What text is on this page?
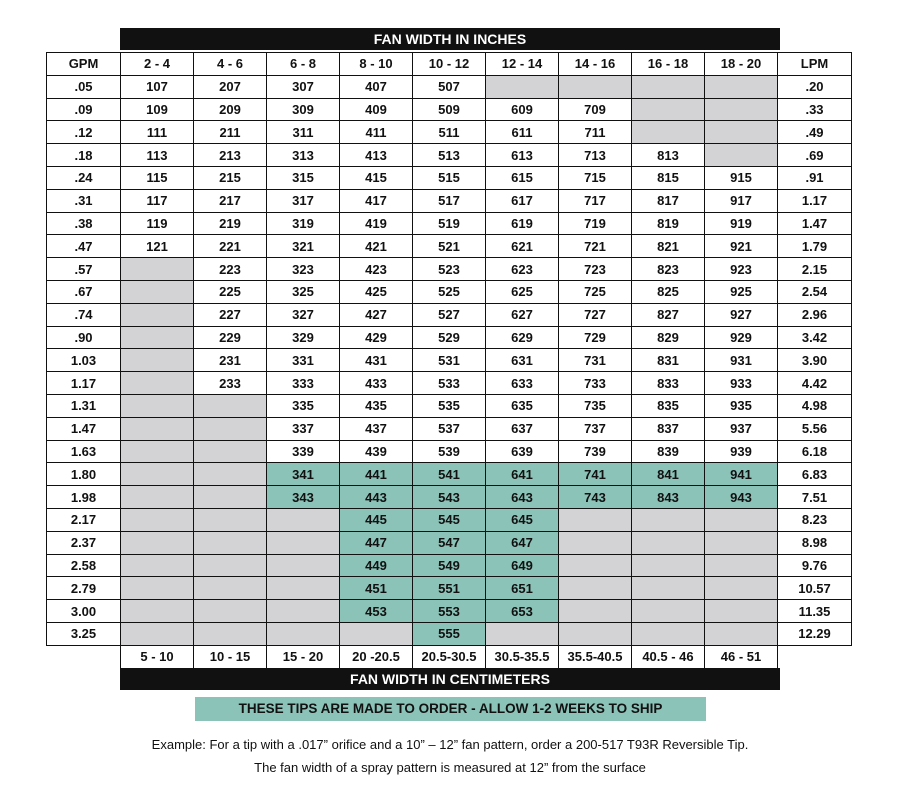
FAN WIDTH IN INCHES
GPM	2 - 4	4 - 6	6 - 8	8 - 10	10 - 12	12 - 14	14 - 16	16 - 18	18 - 20	LPM
.05	107	207	307	407	507					.20
.09	109	209	309	409	509	609	709			.33
.12	111	211	311	411	511	611	711			.49
.18	113	213	313	413	513	613	713	813		.69
.24	115	215	315	415	515	615	715	815	915	.91
.31	117	217	317	417	517	617	717	817	917	1.17
.38	119	219	319	419	519	619	719	819	919	1.47
.47	121	221	321	421	521	621	721	821	921	1.79
.57		223	323	423	523	623	723	823	923	2.15
.67		225	325	425	525	625	725	825	925	2.54
.74		227	327	427	527	627	727	827	927	2.96
.90		229	329	429	529	629	729	829	929	3.42
1.03		231	331	431	531	631	731	831	931	3.90
1.17		233	333	433	533	633	733	833	933	4.42
1.31			335	435	535	635	735	835	935	4.98
1.47			337	437	537	637	737	837	937	5.56
1.63			339	439	539	639	739	839	939	6.18
1.80			341	441	541	641	741	841	941	6.83
1.98			343	443	543	643	743	843	943	7.51
2.17				445	545	645				8.23
2.37				447	547	647				8.98
2.58				449	549	649				9.76
2.79				451	551	651				10.57
3.00				453	553	653				11.35
3.25					555					12.29
	5 - 10	10 - 15	15 - 20	20 -20.5	20.5-30.5	30.5-35.5	35.5-40.5	40.5 - 46	46 - 51	
FAN WIDTH IN CENTIMETERS
THESE TIPS ARE MADE TO ORDER - ALLOW 1-2 WEEKS TO SHIP
Example: For a tip with a .017” orifice and a 10” – 12” fan pattern, order a 200-517 T93R Reversible Tip.
The fan width of a spray pattern is measured at 12” from the surface
